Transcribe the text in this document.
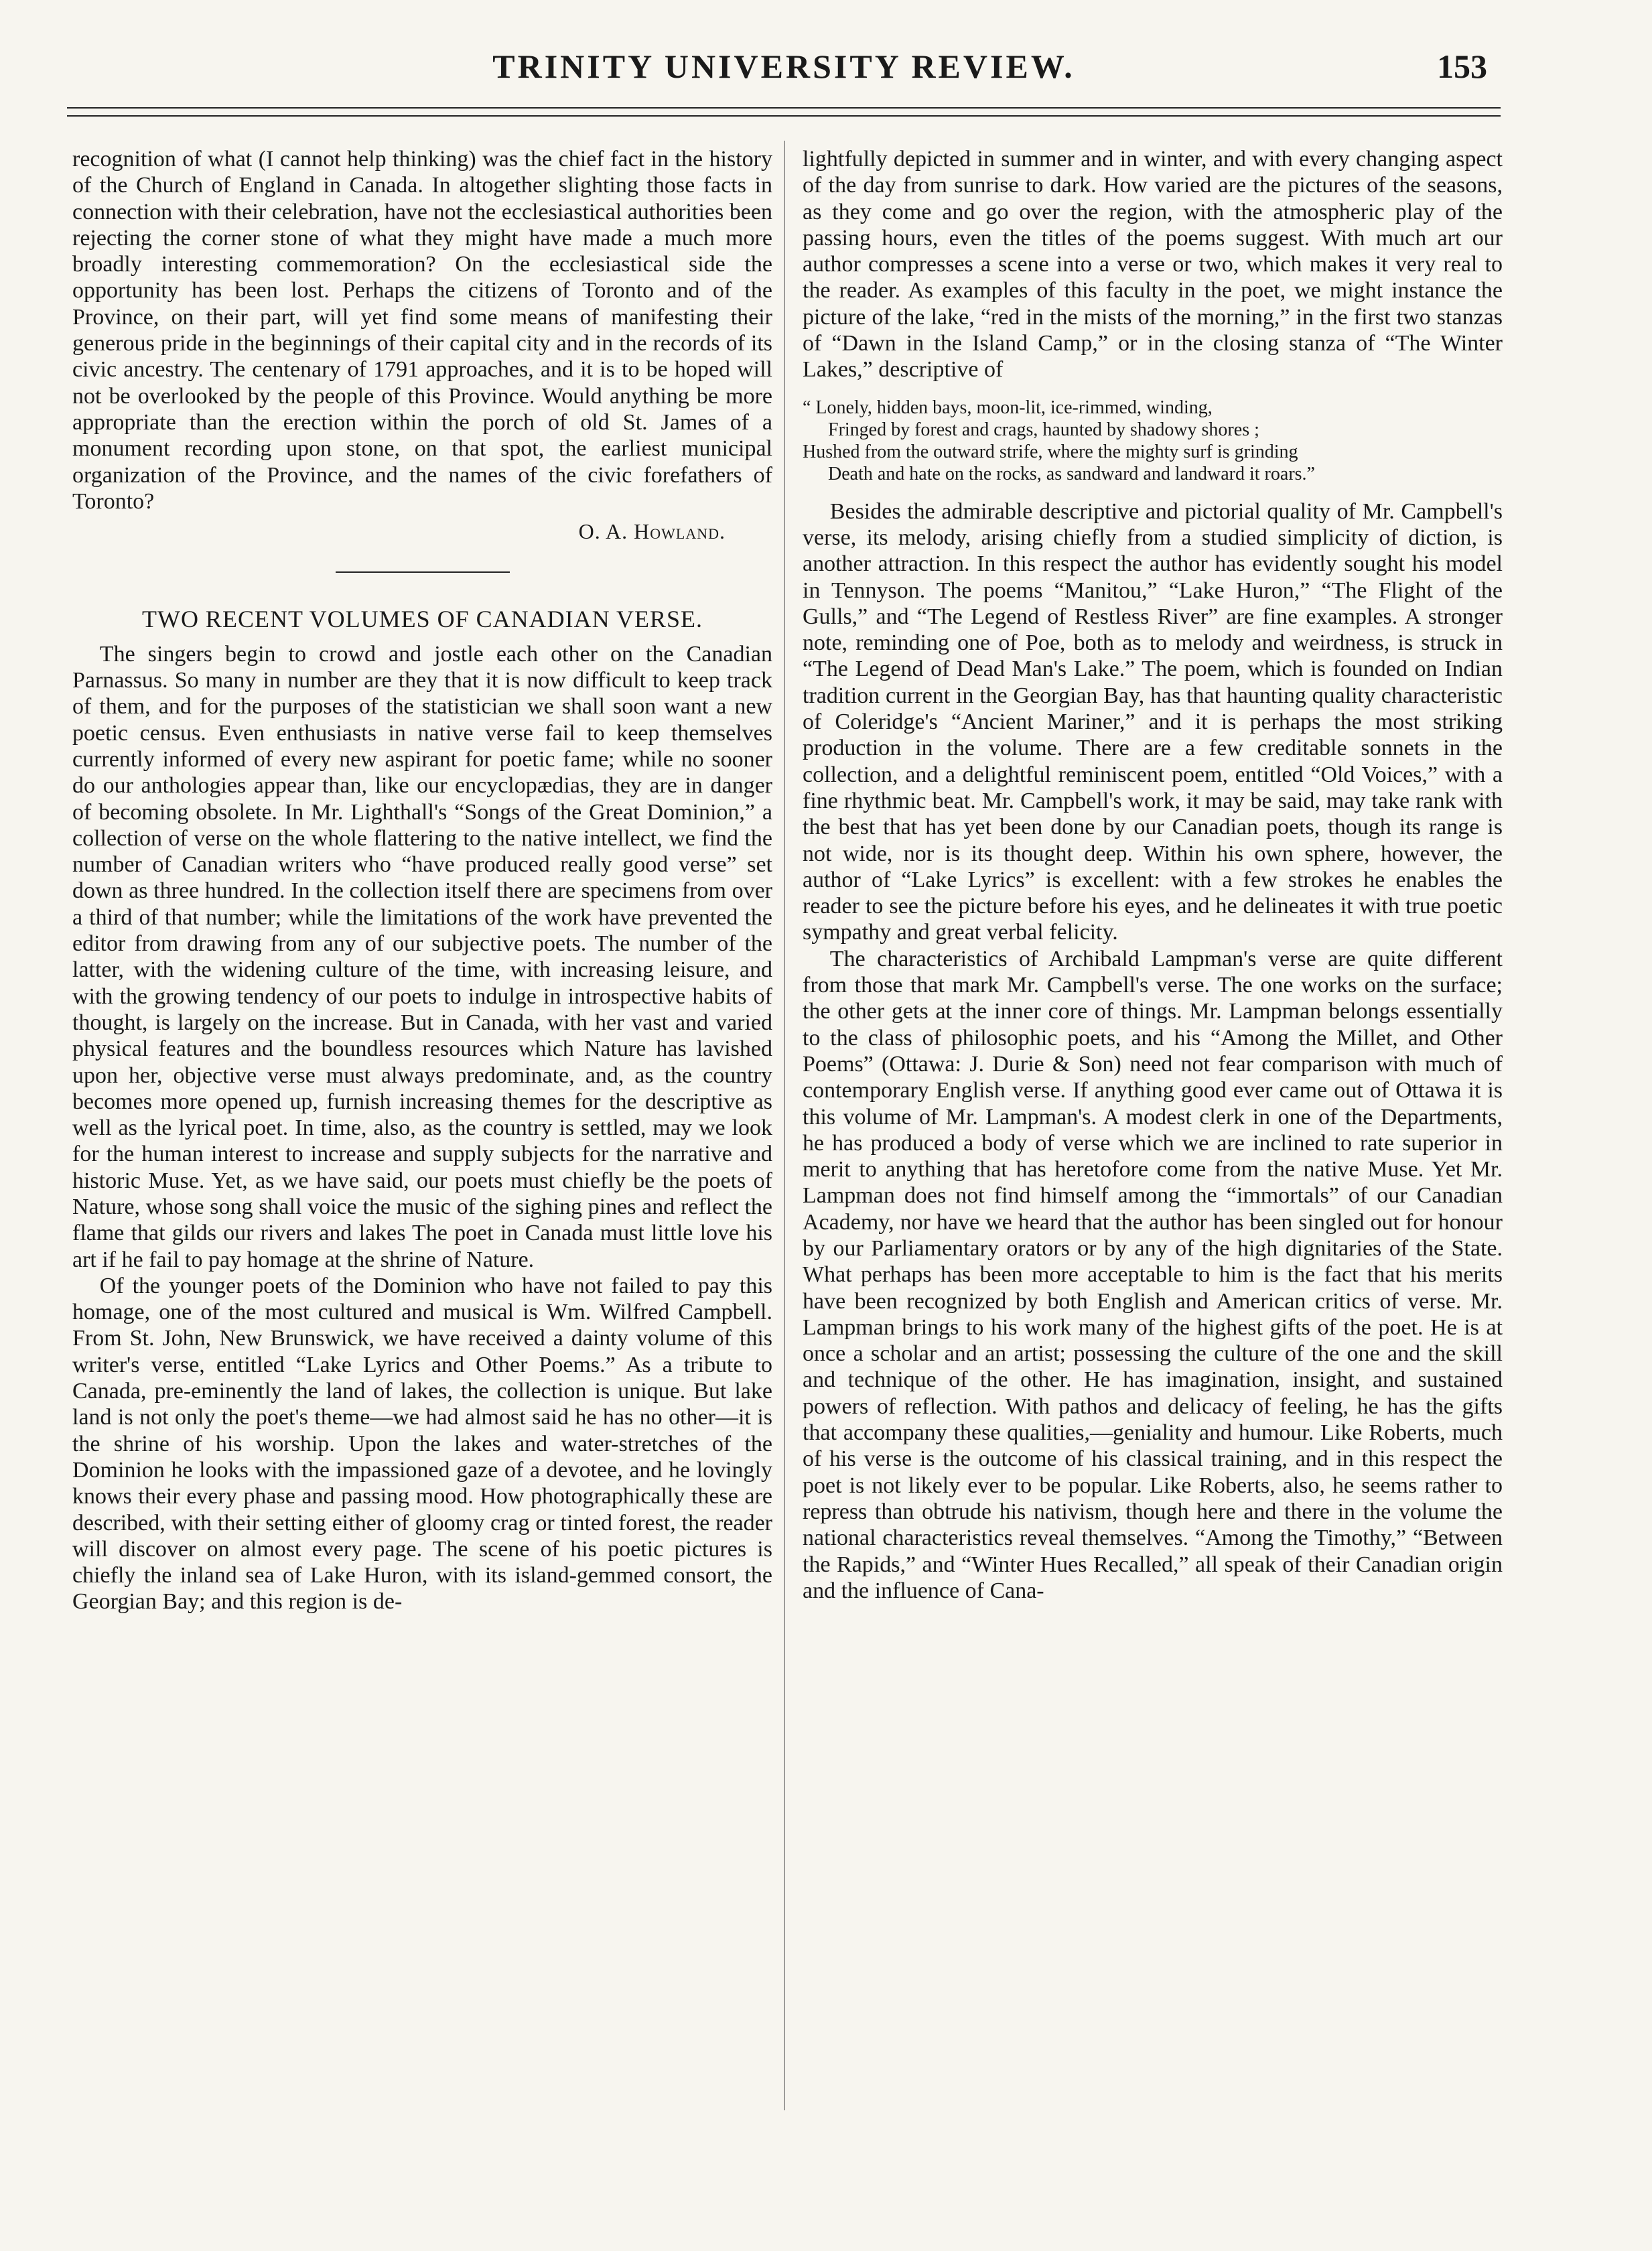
TRINITY UNIVERSITY REVIEW.	153

recognition of what (I cannot help thinking) was the chief fact in the history of the Church of England in Canada. In altogether slighting those facts in connection with their celebration, have not the ecclesiastical authorities been rejecting the corner stone of what they might have made a much more broadly interesting commemoration? On the ecclesiastical side the opportunity has been lost. Perhaps the citizens of Toronto and of the Province, on their part, will yet find some means of manifesting their generous pride in the beginnings of their capital city and in the records of its civic ancestry. The centenary of 1791 approaches, and it is to be hoped will not be overlooked by the people of this Province. Would anything be more appropriate than the erection within the porch of old St. James of a monument recording upon stone, on that spot, the earliest municipal organization of the Province, and the names of the civic forefathers of Toronto?

O. A. Howland.
TWO RECENT VOLUMES OF CANADIAN VERSE.

The singers begin to crowd and jostle each other on the Canadian Parnassus. So many in number are they that it is now difficult to keep track of them, and for the purposes of the statistician we shall soon want a new poetic census. Even enthusiasts in native verse fail to keep themselves currently informed of every new aspirant for poetic fame; while no sooner do our anthologies appear than, like our encyclopædias, they are in danger of becoming obsolete. In Mr. Lighthall's “Songs of the Great Dominion,” a collection of verse on the whole flattering to the native intellect, we find the number of Canadian writers who “have produced really good verse” set down as three hundred. In the collection itself there are specimens from over a third of that number; while the limitations of the work have prevented the editor from drawing from any of our subjective poets. The number of the latter, with the widening culture of the time, with increasing leisure, and with the growing tendency of our poets to indulge in introspective habits of thought, is largely on the increase. But in Canada, with her vast and varied physical features and the boundless resources which Nature has lavished upon her, objective verse must always predominate, and, as the country becomes more opened up, furnish increasing themes for the descriptive as well as the lyrical poet. In time, also, as the country is settled, may we look for the human interest to increase and supply subjects for the narrative and historic Muse. Yet, as we have said, our poets must chiefly be the poets of Nature, whose song shall voice the music of the sighing pines and reflect the flame that gilds our rivers and lakes The poet in Canada must little love his art if he fail to pay homage at the shrine of Nature.

Of the younger poets of the Dominion who have not failed to pay this homage, one of the most cultured and musical is Wm. Wilfred Campbell. From St. John, New Brunswick, we have received a dainty volume of this writer's verse, entitled “Lake Lyrics and Other Poems.” As a tribute to Canada, pre-eminently the land of lakes, the collection is unique. But lake land is not only the poet's theme—we had almost said he has no other—it is the shrine of his worship. Upon the lakes and water-stretches of the Dominion he looks with the impassioned gaze of a devotee, and he lovingly knows their every phase and passing mood. How photographically these are described, with their setting either of gloomy crag or tinted forest, the reader will discover on almost every page. The scene of his poetic pictures is chiefly the inland sea of Lake Huron, with its island-gemmed consort, the Georgian Bay; and this region is de-

lightfully depicted in summer and in winter, and with every changing aspect of the day from sunrise to dark. How varied are the pictures of the seasons, as they come and go over the region, with the atmospheric play of the passing hours, even the titles of the poems suggest. With much art our author compresses a scene into a verse or two, which makes it very real to the reader. As examples of this faculty in the poet, we might instance the picture of the lake, “red in the mists of the morning,” in the first two stanzas of “Dawn in the Island Camp,” or in the closing stanza of “The Winter Lakes,” descriptive of

“ Lonely, hidden bays, moon-lit, ice-rimmed, winding,
Fringed by forest and crags, haunted by shadowy shores ;
Hushed from the outward strife, where the mighty surf is grinding
Death and hate on the rocks, as sandward and landward it roars.”

Besides the admirable descriptive and pictorial quality of Mr. Campbell's verse, its melody, arising chiefly from a studied simplicity of diction, is another attraction. In this respect the author has evidently sought his model in Tennyson. The poems “Manitou,” “Lake Huron,” “The Flight of the Gulls,” and “The Legend of Restless River” are fine examples. A stronger note, reminding one of Poe, both as to melody and weirdness, is struck in “The Legend of Dead Man's Lake.” The poem, which is founded on Indian tradition current in the Georgian Bay, has that haunting quality characteristic of Coleridge's “Ancient Mariner,” and it is perhaps the most striking production in the volume. There are a few creditable sonnets in the collection, and a delightful reminiscent poem, entitled “Old Voices,” with a fine rhythmic beat. Mr. Campbell's work, it may be said, may take rank with the best that has yet been done by our Canadian poets, though its range is not wide, nor is its thought deep. Within his own sphere, however, the author of “Lake Lyrics” is excellent: with a few strokes he enables the reader to see the picture before his eyes, and he delineates it with true poetic sympathy and great verbal felicity.

The characteristics of Archibald Lampman's verse are quite different from those that mark Mr. Campbell's verse. The one works on the surface; the other gets at the inner core of things. Mr. Lampman belongs essentially to the class of philosophic poets, and his “Among the Millet, and Other Poems” (Ottawa: J. Durie & Son) need not fear comparison with much of contemporary English verse. If anything good ever came out of Ottawa it is this volume of Mr. Lampman's. A modest clerk in one of the Departments, he has produced a body of verse which we are inclined to rate superior in merit to anything that has heretofore come from the native Muse. Yet Mr. Lampman does not find himself among the “immortals” of our Canadian Academy, nor have we heard that the author has been singled out for honour by our Parliamentary orators or by any of the high dignitaries of the State. What perhaps has been more acceptable to him is the fact that his merits have been recognized by both English and American critics of verse. Mr. Lampman brings to his work many of the highest gifts of the poet. He is at once a scholar and an artist; possessing the culture of the one and the skill and technique of the other. He has imagination, insight, and sustained powers of reflection. With pathos and delicacy of feeling, he has the gifts that accompany these qualities,—geniality and humour. Like Roberts, much of his verse is the outcome of his classical training, and in this respect the poet is not likely ever to be popular. Like Roberts, also, he seems rather to repress than obtrude his nativism, though here and there in the volume the national characteristics reveal themselves. “Among the Timothy,” “Between the Rapids,” and “Winter Hues Recalled,” all speak of their Canadian origin and the influence of Cana-
